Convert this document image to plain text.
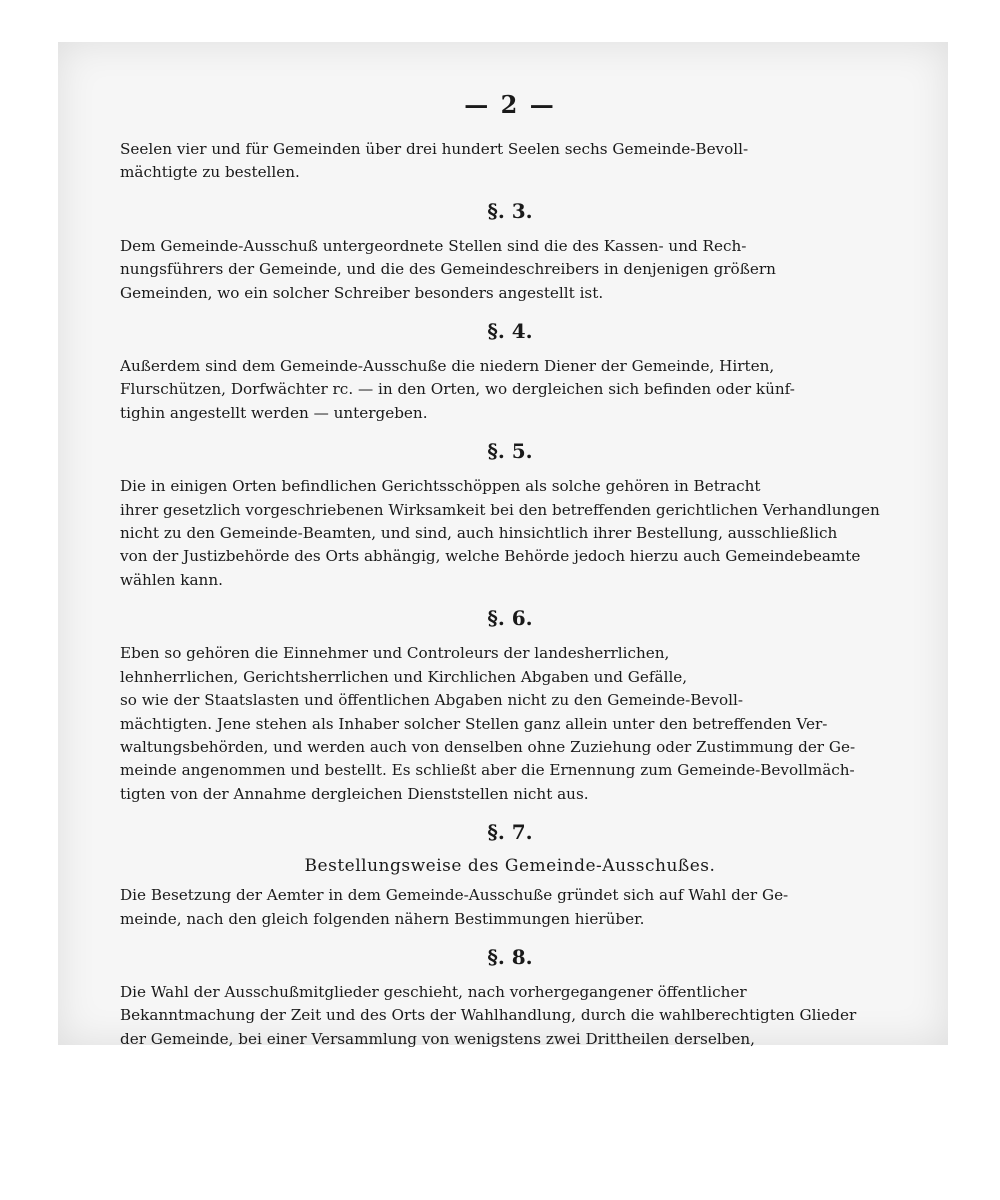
— 2 —
Seelen vier und für Gemeinden über drei hundert Seelen sechs Gemeinde-Bevoll-
mächtigte zu bestellen.
§. 3.
Dem Gemeinde-Ausschuß untergeordnete Stellen sind die des Kassen- und Rech-
nungsführers der Gemeinde, und die des Gemeindeschreibers in denjenigen größern
Gemeinden, wo ein solcher Schreiber besonders angestellt ist.
§. 4.
Außerdem sind dem Gemeinde-Ausschuße die niedern Diener der Gemeinde, Hirten,
Flurschützen, Dorfwächter rc. — in den Orten, wo dergleichen sich befinden oder künf-
tighin angestellt werden — untergeben.
§. 5.
Die in einigen Orten befindlichen Gerichtsschöppen als solche gehören in Betracht
ihrer gesetzlich vorgeschriebenen Wirksamkeit bei den betreffenden gerichtlichen Verhandlungen
nicht zu den Gemeinde-Beamten, und sind, auch hinsichtlich ihrer Bestellung, ausschließlich
von der Justizbehörde des Orts abhängig, welche Behörde jedoch hierzu auch Gemeindebeamte
wählen kann.
§. 6.
Eben so gehören die Einnehmer und Controleurs der landesherrlichen,
lehnherrlichen, Gerichtsherrlichen und Kirchlichen Abgaben und Gefälle,
so wie der Staatslasten und öffentlichen Abgaben nicht zu den Gemeinde-Bevoll-
mächtigten. Jene stehen als Inhaber solcher Stellen ganz allein unter den betreffenden Ver-
waltungsbehörden, und werden auch von denselben ohne Zuziehung oder Zustimmung der Ge-
meinde angenommen und bestellt. Es schließt aber die Ernennung zum Gemeinde-Bevollmäch-
tigten von der Annahme dergleichen Dienststellen nicht aus.
§. 7.
Bestellungsweise des Gemeinde-Ausschußes.
Die Besetzung der Aemter in dem Gemeinde-Ausschuße gründet sich auf Wahl der Ge-
meinde, nach den gleich folgenden nähern Bestimmungen hierüber.
§. 8.
Die Wahl der Ausschußmitglieder geschieht, nach vorhergegangener öffentlicher
Bekanntmachung der Zeit und des Orts der Wahlhandlung, durch die wahlberechtigten Glieder
der Gemeinde, bei einer Versammlung von wenigstens zwei Drittheilen derselben,
